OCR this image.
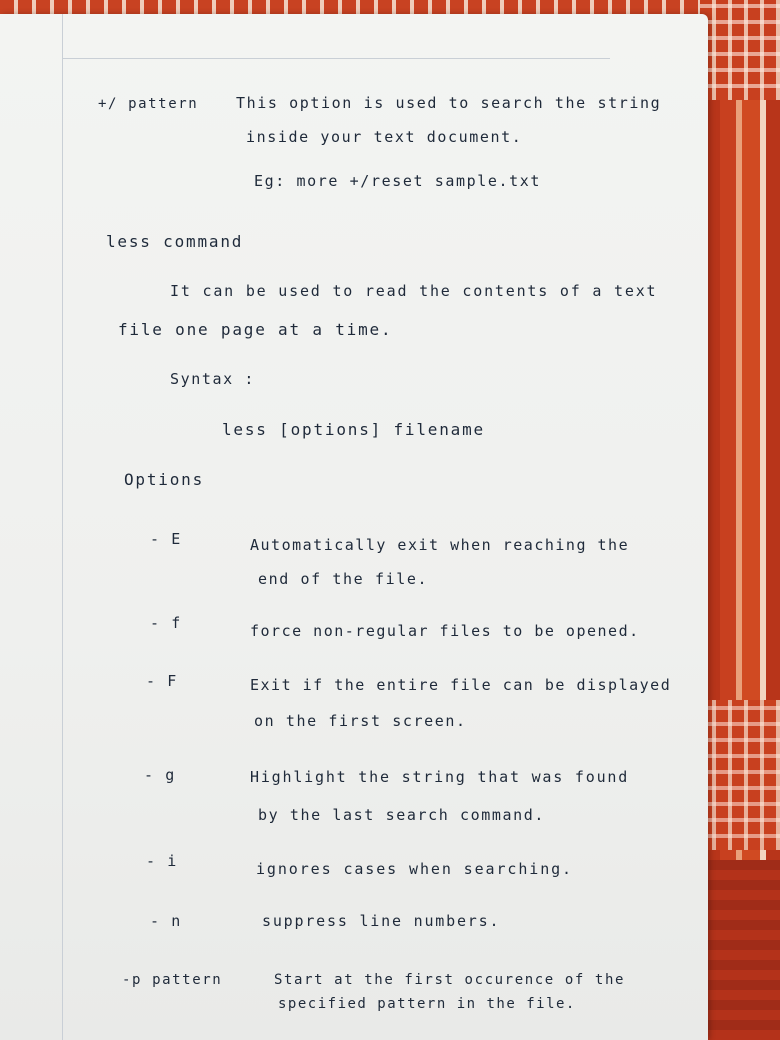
+/ pattern	This option is used to search the string

inside your text document.

Eg: more +/reset sample.txt

less command

It can be used to read the contents of a text

file one page at a time.

Syntax :

less [options] filename

Options

- E	Automatically exit when reaching the

end of the file.

- f	force non-regular files to be opened.

- F	Exit if the entire file can be displayed

on the first screen.

- g	Highlight the string that was found

by the last search command.

- i	ignores cases when searching.

- n	suppress line numbers.

-p pattern	Start at the first occurence of the

specified pattern in the file.
